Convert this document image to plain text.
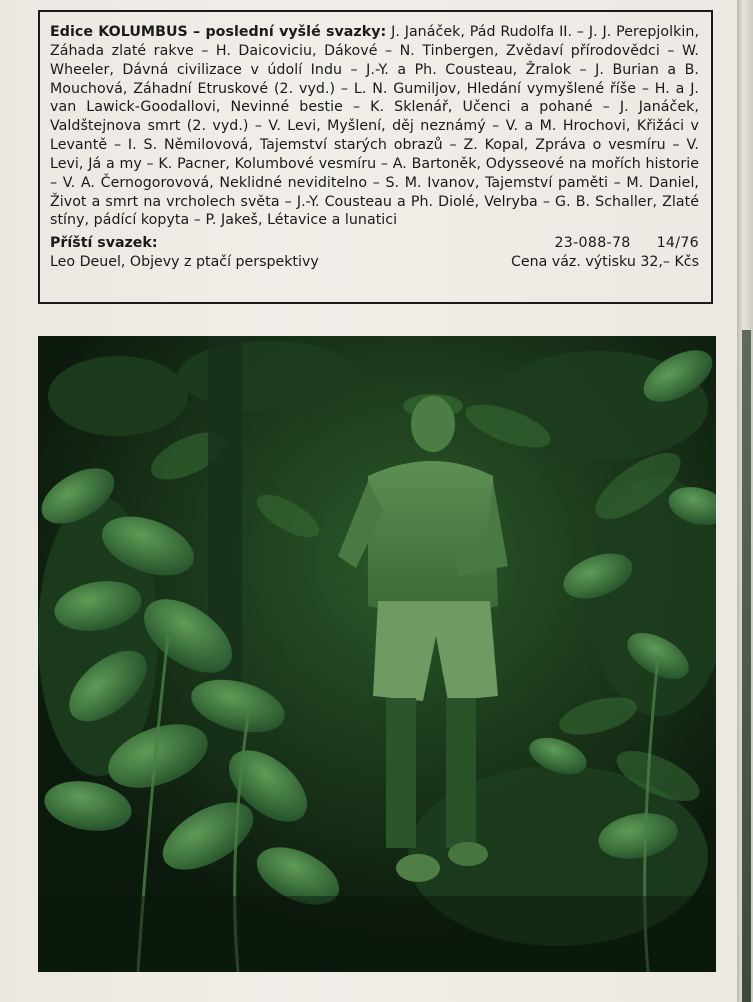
Edice KOLUMBUS – poslední vyšlé svazky: J. Janáček, Pád Rudolfa II. – J. J. Perepjolkin, Záhada zlaté rakve – H. Daicoviciu, Dákové – N. Tinbergen, Zvědaví přírodovědci – W. Wheeler, Dávná civilizace v údolí Indu – J.-Y. a Ph. Cousteau, Žralok – J. Burian a B. Mouchová, Záhadní Etruskové (2. vyd.) – L. N. Gumiljov, Hledání vymyšlené říše – H. a J. van Lawick-Goodallovi, Nevinné bestie – K. Sklenář, Učenci a pohané – J. Janáček, Valdštejnova smrt (2. vyd.) – V. Levi, Myšlení, děj neznámý – V. a M. Hrochovi, Křižáci v Levantě – I. S. Němilovová, Tajemství starých obrazů – Z. Kopal, Zpráva o vesmíru – V. Levi, Já a my – K. Pacner, Kolumbové vesmíru – A. Bartoněk, Odysseové na mořích historie – V. A. Černogorovová, Neklidné neviditelno – S. M. Ivanov, Tajemství paměti – M. Daniel, Život a smrt na vrcholech světa – J.-Y. Cousteau a Ph. Diolé, Velryba – G. B. Schaller, Zlaté stíny, pádící kopyta – P. Jakeš, Létavice a lunatici

Příští svazek:
Leo Deuel, Objevy z ptačí perspektivy
23-088-78 14/76
Cena váz. výtisku 32,– Kčs
